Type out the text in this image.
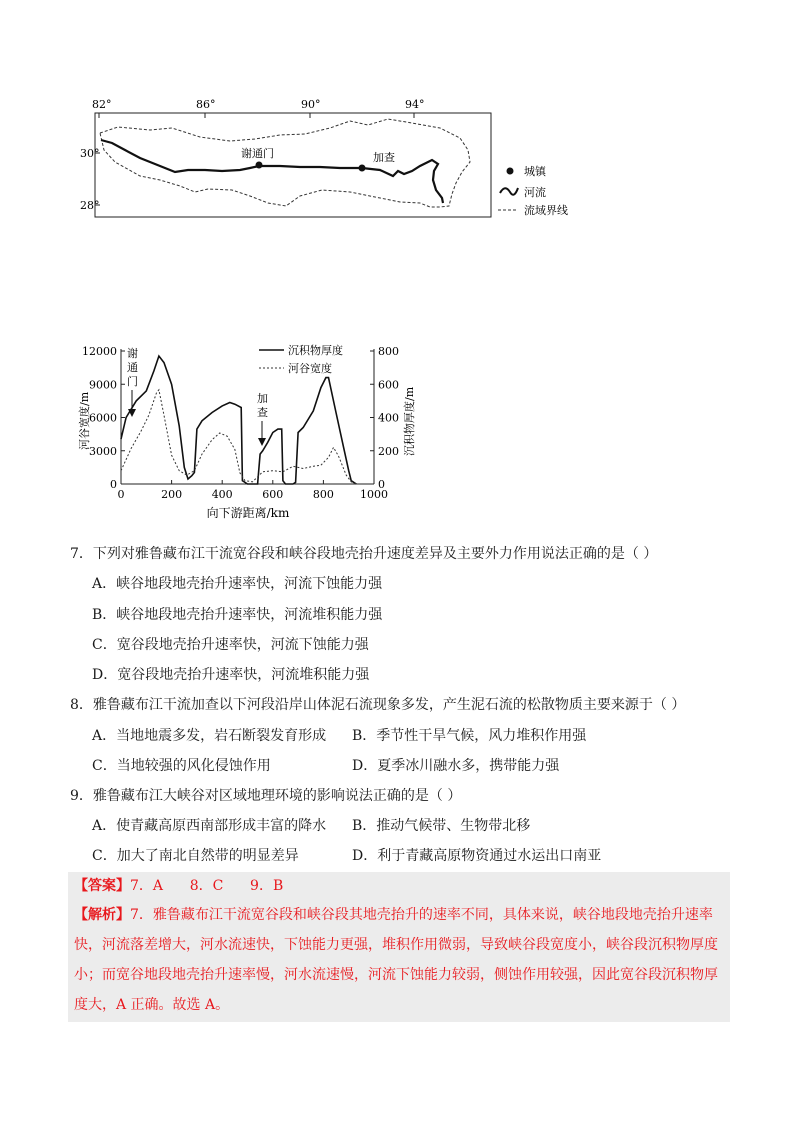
82°	86°	90°	94°
30°
28°
谢通门	加查
城镇
河流
流域界线
0	200	400	600	800 1000
0
3000
6000
9000
12000
0
200
400
600
800
河谷宽度/m	沉积物厚度/m
向下游距离/km
沉积物厚度
河谷宽度
谢
通
门
加
查
7．下列对雅鲁藏布江干流宽谷段和峡谷段地壳抬升速度差异及主要外力作用说法正确的是（ ）
A．峡谷地段地壳抬升速率快，河流下蚀能力强
B．峡谷地段地壳抬升速率快，河流堆积能力强
C．宽谷段地壳抬升速率快，河流下蚀能力强
D．宽谷段地壳抬升速率快，河流堆积能力强
8．雅鲁藏布江干流加查以下河段沿岸山体泥石流现象多发，产生泥石流的松散物质主要来源于（ ）
A．当地地震多发，岩石断裂发育形成 B．季节性干旱气候，风力堆积作用强
C．当地较强的风化侵蚀作用	D．夏季冰川融水多，携带能力强
9．雅鲁藏布江大峡谷对区域地理环境的影响说法正确的是（ ）
A．使青藏高原西南部形成丰富的降水 B．推动气候带、生物带北移
C．加大了南北自然带的明显差异	D．利于青藏高原物资通过水运出口南亚
【答案】7．A      8．C      9．B
【解析】7．雅鲁藏布江干流宽谷段和峡谷段其地壳抬升的速率不同，具体来说，峡谷地段地壳抬升速率
快，河流落差增大，河水流速快，下蚀能力更强，堆积作用微弱，导致峡谷段宽度小，峡谷段沉积物厚度
小；而宽谷地段地壳抬升速率慢，河水流速慢，河流下蚀能力较弱，侧蚀作用较强，因此宽谷段沉积物厚
度大，A 正确。故选 A。
